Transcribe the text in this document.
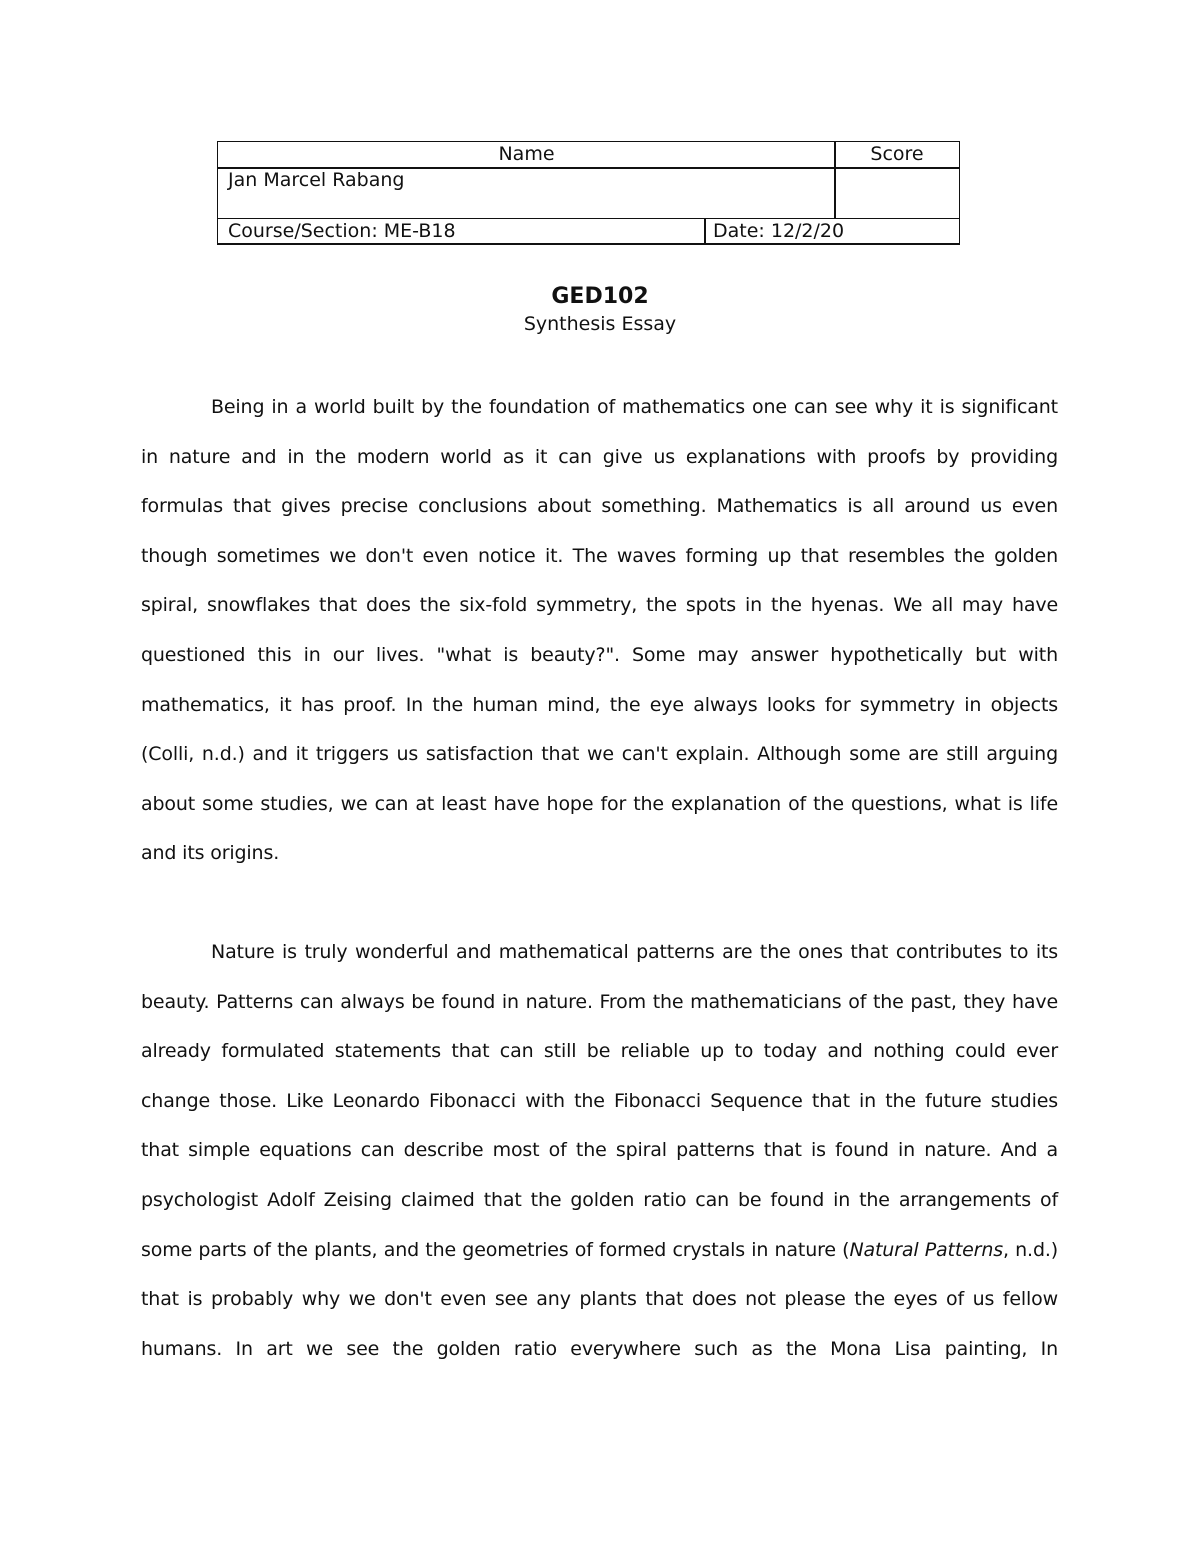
Name	Score
Jan Marcel Rabang
Course/Section: ME-B18	Date: 12/2/20
GED102
Synthesis Essay
Being in a world built by the foundation of mathematics one can see why it is significant
in nature and in the modern world as it can give us explanations with proofs by providing
formulas that gives precise conclusions about something. Mathematics is all around us even
though sometimes we don't even notice it. The waves forming up that resembles the golden
spiral, snowflakes that does the six-fold symmetry, the spots in the hyenas. We all may have
questioned this in our lives. "what is beauty?". Some may answer hypothetically but with
mathematics, it has proof. In the human mind, the eye always looks for symmetry in objects
(Colli, n.d.) and it triggers us satisfaction that we can't explain. Although some are still arguing
about some studies, we can at least have hope for the explanation of the questions, what is life
and its origins.
Nature is truly wonderful and mathematical patterns are the ones that contributes to its
beauty. Patterns can always be found in nature. From the mathematicians of the past, they have
already formulated statements that can still be reliable up to today and nothing could ever
change those. Like Leonardo Fibonacci with the Fibonacci Sequence that in the future studies
that simple equations can describe most of the spiral patterns that is found in nature. And a
psychologist Adolf Zeising claimed that the golden ratio can be found in the arrangements of
some parts of the plants, and the geometries of formed crystals in nature (Natural Patterns, n.d.)
that is probably why we don't even see any plants that does not please the eyes of us fellow
humans. In art we see the golden ratio everywhere such as the Mona Lisa painting, In
